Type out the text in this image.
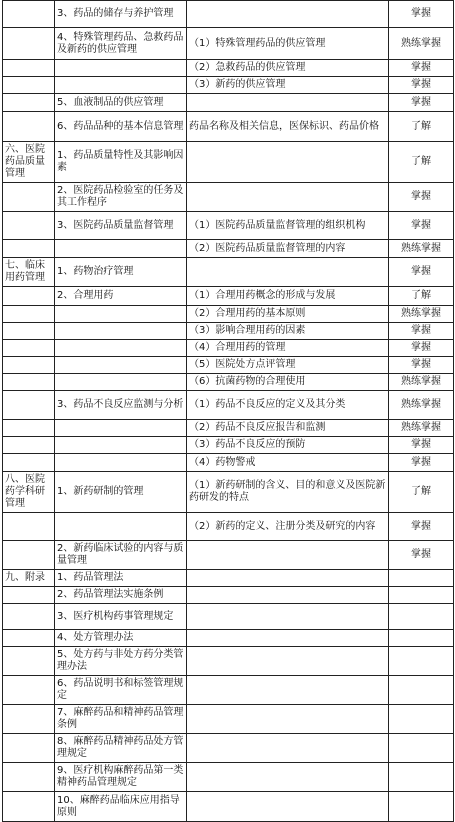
	3、药品的储存与养护管理		掌握
	4、特殊管理药品、急救药品及新药的供应管理	（1）特殊管理药品的供应管理	熟练掌握
		（2）急救药品的供应管理	掌握
		（3）新药的供应管理	掌握
	5、血液制品的供应管理		掌握
	6、药品品种的基本信息管理	药品名称及相关信息，医保标识、药品价格	了解
六、医院药品质量管理	1、药品质量特性及其影响因素		了解
	2、医院药品检验室的任务及其工作程序		掌握
	3、医院药品质量监督管理	（1）医院药品质量监督管理的组织机构	掌握
		（2）医院药品质量监督管理的内容	熟练掌握
七、临床用药管理	1、药物治疗管理		掌握
	2、合理用药	（1）合理用药概念的形成与发展	了解
		（2）合理用药的基本原则	熟练掌握
		（3）影响合理用药的因素	掌握
		（4）合理用药的管理	掌握
		（5）医院处方点评管理	掌握
		（6）抗菌药物的合理使用	熟练掌握
	3、药品不良反应监测与分析	（1）药品不良反应的定义及其分类	熟练掌握
		（2）药品不良反应报告和监测	熟练掌握
		（3）药品不良反应的预防	掌握
		（4）药物警戒	掌握
八、医院药学科研管理	1、新药研制的管理	（1）新药研制的含义、目的和意义及医院新药研发的特点	了解
		（2）新药的定义、注册分类及研究的内容	掌握
	2、新药临床试验的内容与质量管理		掌握
九、附录	1、药品管理法		
	2、药品管理法实施条例		
	3、医疗机构药事管理规定		
	4、处方管理办法		
	5、处方药与非处方药分类管理办法		
	6、药品说明书和标签管理规定		
	7、麻醉药品和精神药品管理条例		
	8、麻醉药品精神药品处方管理规定		
	9、医疗机构麻醉药品第一类精神药品管理规定		
	10、麻醉药品临床应用指导原则		
